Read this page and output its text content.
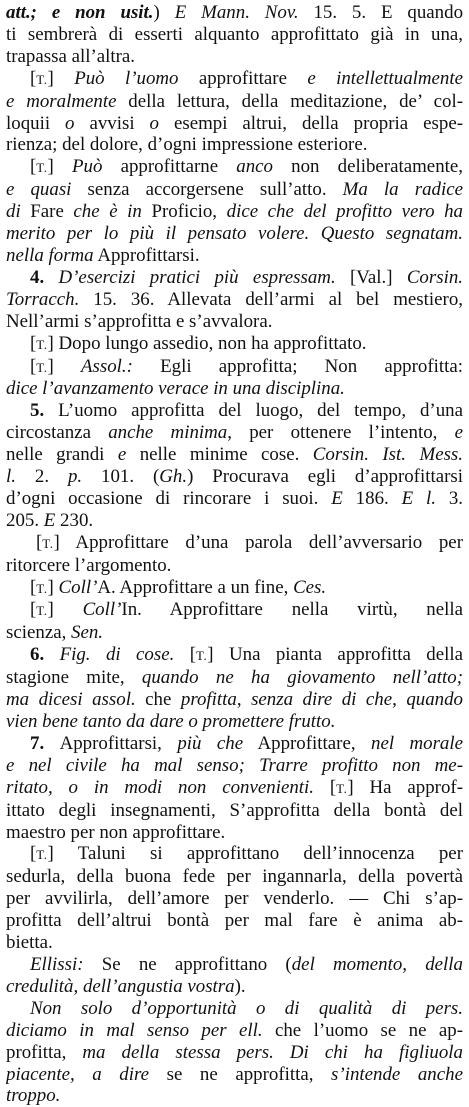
att.; e non usit.) E Mann. Nov. 15. 5. E quando
ti sembrerà di esserti alquanto approfittato già in una,
trapassa all’altra.
[T.] Può l’uomo approfittare e intellettualmente
e moralmente della lettura, della meditazione, de’ col-
loquii o avvisi o esempi altrui, della propria espe-
rienza; del dolore, d’ogni impressione esteriore.
[T.] Può approfittarne anco non deliberatamente,
e quasi senza accorgersene sull’atto. Ma la radice
di Fare che è in Proficio, dice che del profitto vero ha
merito per lo più il pensato volere. Questo segnatam.
nella forma Approfittarsi.
4. D’esercizi pratici più espressam. [Val.] Corsin.
Torracch. 15. 36. Allevata dell’armi al bel mestiero,
Nell’armi s’approfitta e s’avvalora.
[T.] Dopo lungo assedio, non ha approfittato.
[T.] Assol.: Egli approfitta; Non approfitta:
dice l’avanzamento verace in una disciplina.
5. L’uomo approfitta del luogo, del tempo, d’una
circostanza anche minima, per ottenere l’intento, e
nelle grandi e nelle minime cose. Corsin. Ist. Mess.
l. 2. p. 101. (Gh.) Procurava egli d’approfittarsi
d’ogni occasione di rincorare i suoi. E 186. E l. 3.
205. E 230.
[T.] Approfittare d’una parola dell’avversario per
ritorcere l’argomento.
[T.] Coll’A. Approfittare a un fine, Ces.
[T.] Coll’In. Approfittare nella virtù, nella
scienza, Sen.
6. Fig. di cose. [T.] Una pianta approfitta della
stagione mite, quando ne ha giovamento nell’atto;
ma dicesi assol. che profitta, senza dire di che, quando
vien bene tanto da dare o promettere frutto.
7. Approfittarsi, più che Approfittare, nel morale
e nel civile ha mal senso; Trarre profitto non me-
ritato, o in modi non convenienti. [T.] Ha approf-
ittato degli insegnamenti, S’approfitta della bontà del
maestro per non approfittare.
[T.] Taluni si approfittano dell’innocenza per
sedurla, della buona fede per ingannarla, della povertà
per avvilirla, dell’amore per venderlo. — Chi s’ap-
profitta dell’altrui bontà per mal fare è anima ab-
bietta.
Ellissi: Se ne approfittano (del momento, della
credulità, dell’angustia vostra).
Non solo d’opportunità o di qualità di pers.
diciamo in mal senso per ell. che l’uomo se ne ap-
profitta, ma della stessa pers. Di chi ha figliuola
piacente, a dire se ne approfitta, s’intende anche
troppo.
